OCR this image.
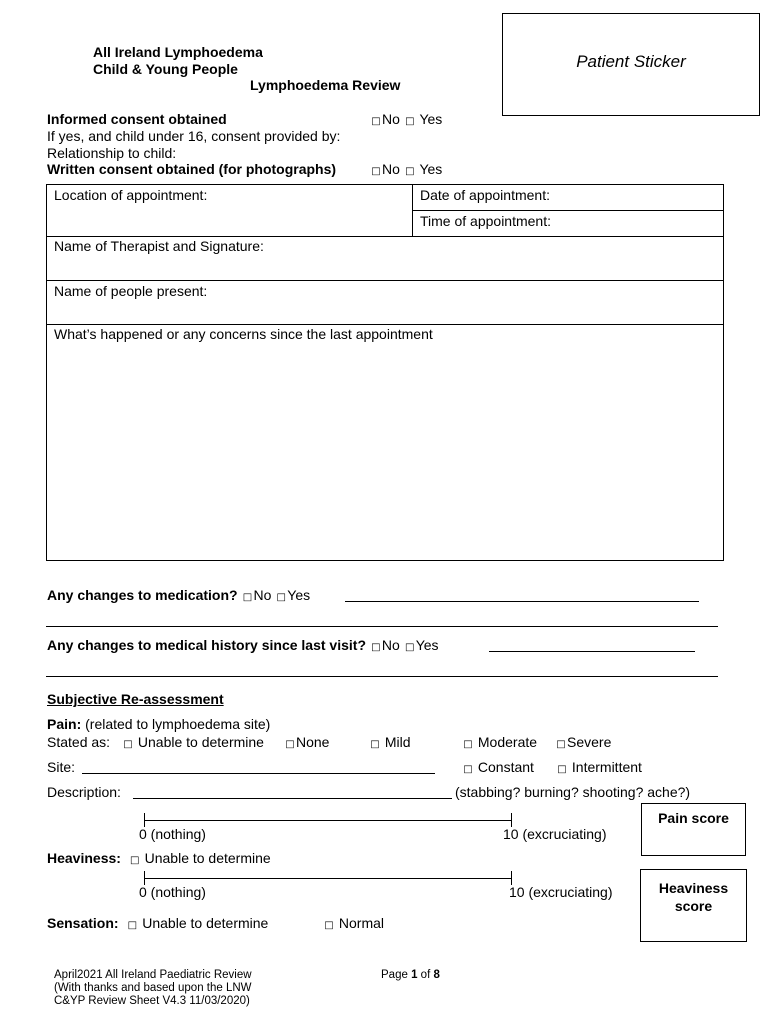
All Ireland Lymphoedema
Child & Young People
Lymphoedema Review
Patient Sticker
Informed consent obtained	□No □ Yes
If yes, and child under 16, consent provided by:
Relationship to child:
Written consent obtained (for photographs)	□No □ Yes
Location of appointment:	Date of appointment:
Time of appointment:
Name of Therapist and Signature:
Name of people present:
What’s happened or any concerns since the last appointment
Any changes to medication? □No □Yes
Any changes to medical history since last visit? □No □Yes
Subjective Re-assessment
Pain: (related to lymphoedema site)
Stated as: □ Unable to determine □None	□ Mild	□ Moderate □Severe
Site:	□ Constant □ Intermittent
Description:	(stabbing? burning? shooting? ache?)
0 (nothing)	10 (excruciating)
Pain score
Heaviness: □ Unable to determine
0 (nothing)	10 (excruciating)	Heaviness
score
Sensation: □ Unable to determine	□ Normal
April2021 All Ireland Paediatric Review
(With thanks and based upon the LNW
C&YP Review Sheet V4.3 11/03/2020)
Page 1 of 8
